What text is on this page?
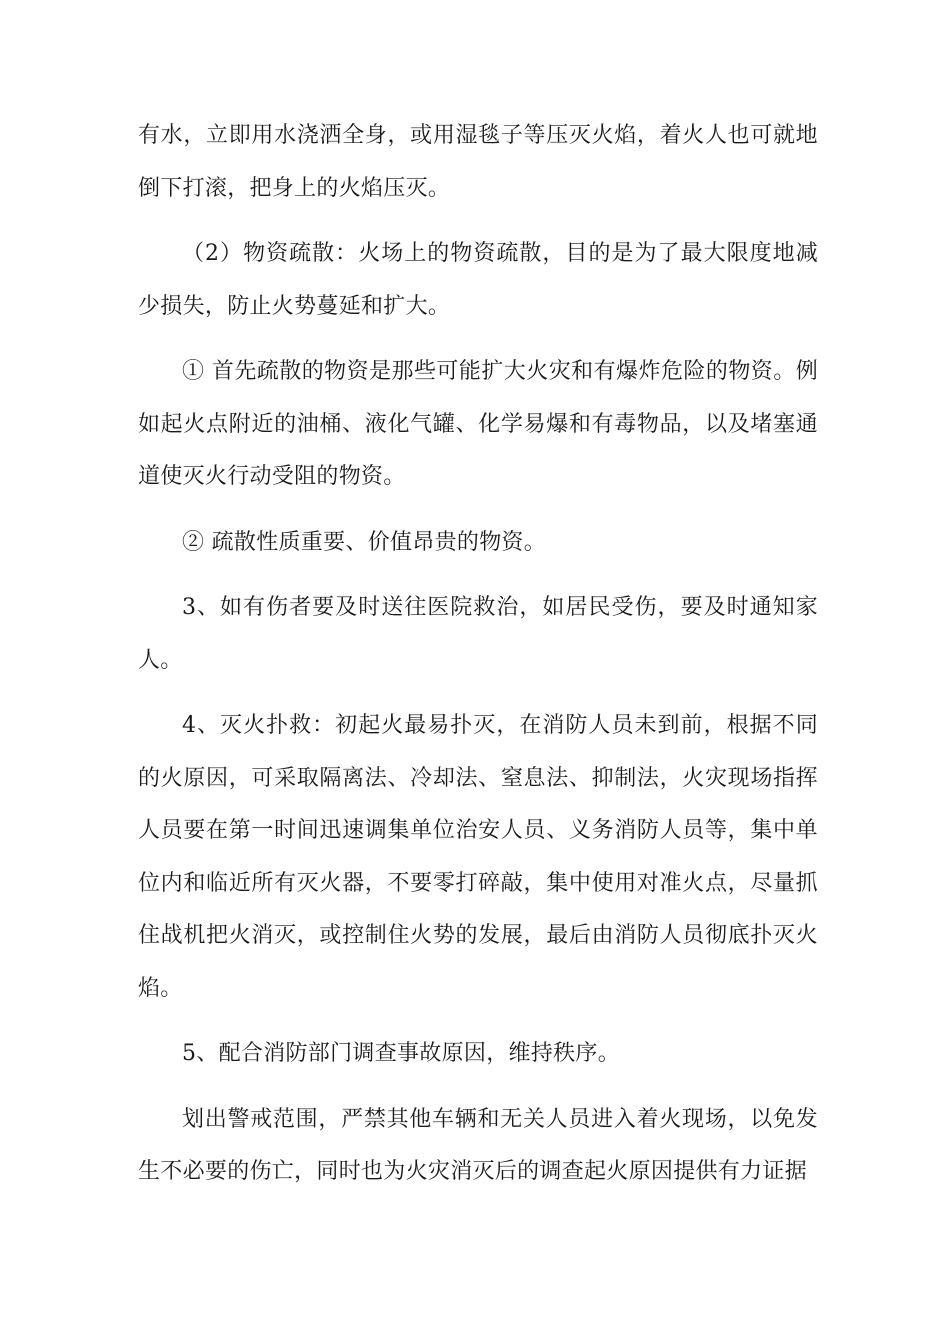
有水，立即用水浇洒全身，或用湿毯子等压灭火焰，着火人也可就地倒下打滚，把身上的火焰压灭。

（2）物资疏散：火场上的物资疏散，目的是为了最大限度地减少损失，防止火势蔓延和扩大。

① 首先疏散的物资是那些可能扩大火灾和有爆炸危险的物资。例如起火点附近的油桶、液化气罐、化学易爆和有毒物品，以及堵塞通道使灭火行动受阻的物资。

② 疏散性质重要、价值昂贵的物资。

3、如有伤者要及时送往医院救治，如居民受伤，要及时通知家人。

4、灭火扑救：初起火最易扑灭，在消防人员未到前，根据不同的火原因，可采取隔离法、冷却法、窒息法、抑制法，火灾现场指挥人员要在第一时间迅速调集单位治安人员、义务消防人员等，集中单位内和临近所有灭火器，不要零打碎敲，集中使用对准火点，尽量抓住战机把火消灭，或控制住火势的发展，最后由消防人员彻底扑灭火焰。

5、配合消防部门调查事故原因，维持秩序。

划出警戒范围，严禁其他车辆和无关人员进入着火现场，以免发生不必要的伤亡，同时也为火灾消灭后的调查起火原因提供有力证据
